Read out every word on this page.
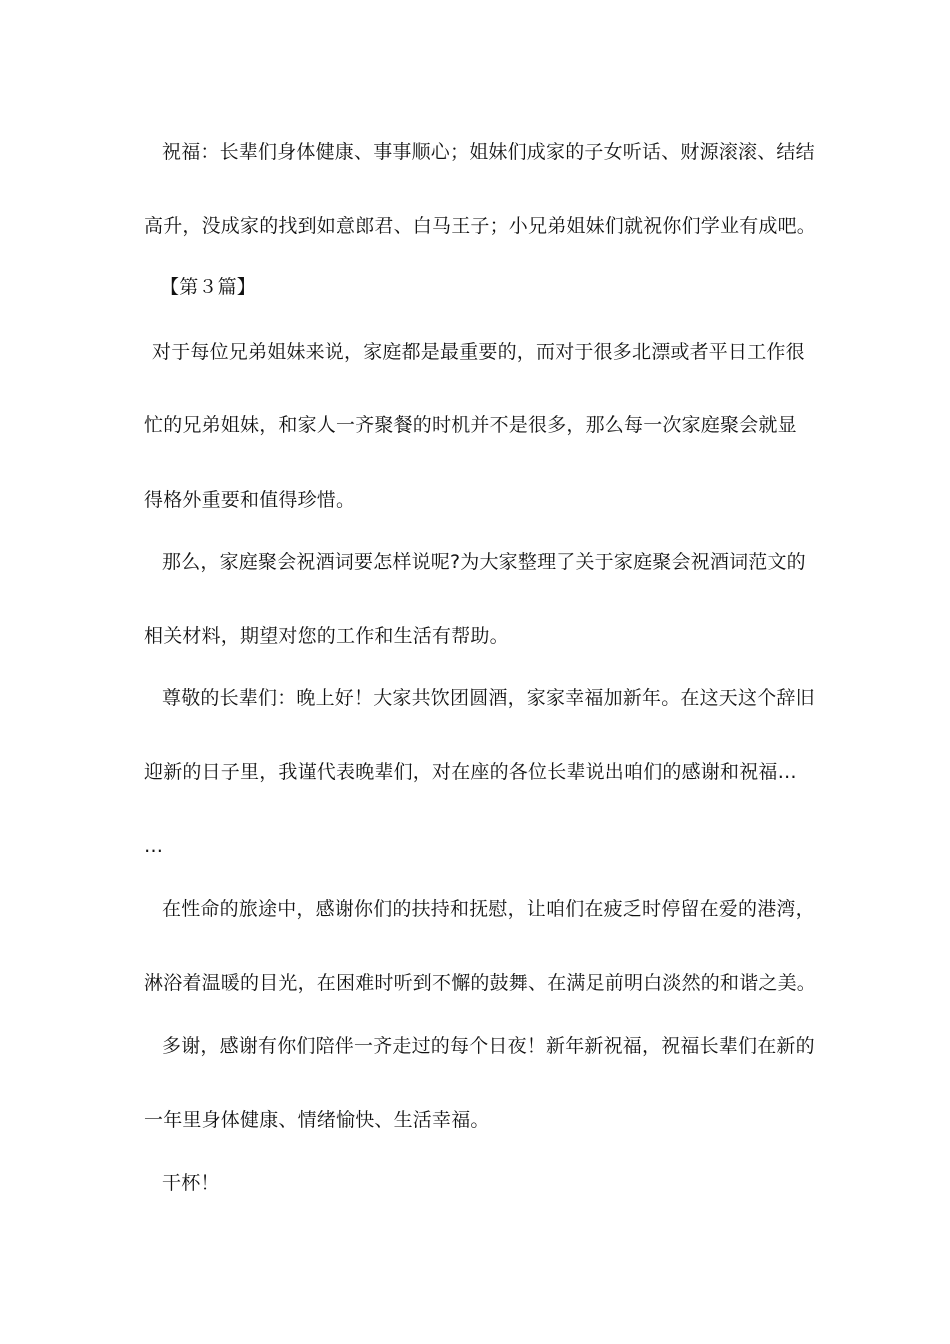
祝福：长辈们身体健康、事事顺心；姐妹们成家的子女听话、财源滚滚、结结
高升，没成家的找到如意郎君、白马王子；小兄弟姐妹们就祝你们学业有成吧。
【第３篇】
对于每位兄弟姐妹来说，家庭都是最重要的，而对于很多北漂或者平日工作很
忙的兄弟姐妹，和家人一齐聚餐的时机并不是很多，那么每一次家庭聚会就显
得格外重要和值得珍惜。
那么，家庭聚会祝酒词要怎样说呢?为大家整理了关于家庭聚会祝酒词范文的
相关材料，期望对您的工作和生活有帮助。
尊敬的长辈们：晚上好！大家共饮团圆酒，家家幸福加新年。在这天这个辞旧
迎新的日子里，我谨代表晚辈们，对在座的各位长辈说出咱们的感谢和祝福…
…
在性命的旅途中，感谢你们的扶持和抚慰，让咱们在疲乏时停留在爱的港湾，
淋浴着温暖的目光，在困难时听到不懈的鼓舞、在满足前明白淡然的和谐之美。
多谢，感谢有你们陪伴一齐走过的每个日夜！新年新祝福，祝福长辈们在新的
一年里身体健康、情绪愉快、生活幸福。
干杯！
